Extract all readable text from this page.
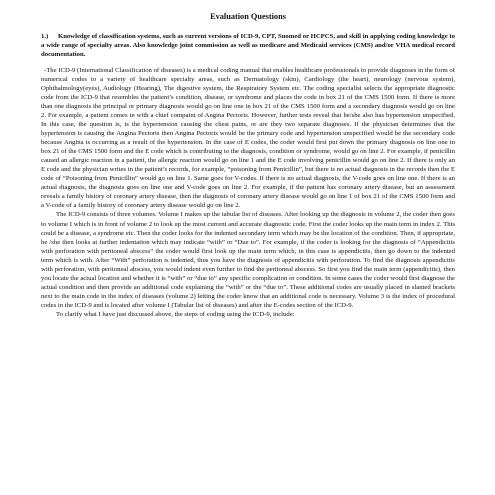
Evaluation Questions
1.) Knowledge of classification systems, such as current versions of ICD-9, CPT, Snomed or HCPCS, and skill in applying coding knowledge to a wide range of specialty areas. Also knowledge joint commission as well as medicare and Medicaid services (CMS) and/or VHA medical record documentation.

-The ICD-9 (International Classification of diseases) is a medical coding manual that enables healthcare professionals to provide diagnoses in the form of numerical codes to a variety of healthcare specialty areas, such as Dermatology (skin), Cardiology (the heart), neurology (nervous system), Ophthalmology(eyes), Audiology (Hearing), The digestive system, the Respiratory System etc. The coding specialist selects the appropriate diagnostic code from the ICD-9 that resembles the patient’s condition, disease, or syndrome and places the code in box 21 of the CMS 1500 form. If there is more than one diagnosis the principal or primary diagnosis would go on line one in box 21 of the CMS 1500 form and a secondary diagnosis would go on line 2. For example, a patient comes in with a chief compaint of Angina Pectoris. However, further tests reveal that he/she also has hypertension unspecified. In this case, the question is, is the hypertension causing the chest pains, or are they two separate diagnoses. If the physician determines that the hypertension is causing the Angina Pectoris then Angina Pectoris would be the primary code and hypertension unspecified would be the secondary code because Angina is occurring as a result of the hypertension. In the case of E codes, the coder would first put down the primary diagnosis on line one in box 21 of the CMS 1500 form and the E code which is contributing to the diagnosis, condition or syndrome, would go on line 2. For example, if penicillin caused an allergic reaction in a patient, the allergic reaction would go on line 1 and the E code involving penicillin would go on line 2. If there is only an E code and the physician writes in the patient’s records, for example, “poisoning from Penicillin”, but there is no actual diagnosis in the records then the E code of “Poisoning from Penicillin” would go on line 1. Same goes for V-codes. If there is no actual diagnosis, the V-code goes on line one. If there is an actual diagnosis, the diagnosis goes on line one and V-code goes on line 2. For example, if the patient has coronary artery disease, but an assessment reveals a family history of coronary artery disease, then the diagnosis of coronary artery disease would go on line 1 of box 21 of the CMS 1500 form and a V-code of a family history of coronary artery disease would go on line 2.

The ICD-9 consists of three volumes. Volume I makes up the tabular list of diseases. After looking up the diagnosis in volume 2, the coder then goes to volume I which is in front of volume 2 to look up the most current and accurate diagnostic code. First the coder looks up the main term in index 2. This could be a disease, a syndrome etc. Then the coder looks for the indented secondary term which may be the location of the condition. Then, if appropriate, he /she then looks at further indentation which may indicate “with” or “Due to”. For example, if the coder is looking for the diagnosis of “Appendicitis with perforation with peritoneal abscess” the coder would first look up the main term which, in this case is appendicitis, then go down to the indented term which is with. After “With” perforation is indented, thus you have the diagnosis of appendicitis with perforation. To find the diagnosis appendicitis with perforation, with peritoneal abscess, you would indent even further to find the peritoneal abscess. So first you find the main term (appendicitis), then you locate the actual location and whether it is “with” or “due to” any specific complication or condition. In some cases the coder would first diagnose the actual condition and then provide an additional code explaining the “with” or the “due to”. These additional codes are usually placed in slanted brackets next to the main code in the index of diseases (volume 2) letting the coder know that an additional code is necessary. Volume 3 is the index of procedural codes in the ICD-9 and is located after volume I (Tabular list of diseases) and after the E-codes section of the ICD-9.

To clarify what I have just discussed above, the steps of coding using the ICD-9, include:
